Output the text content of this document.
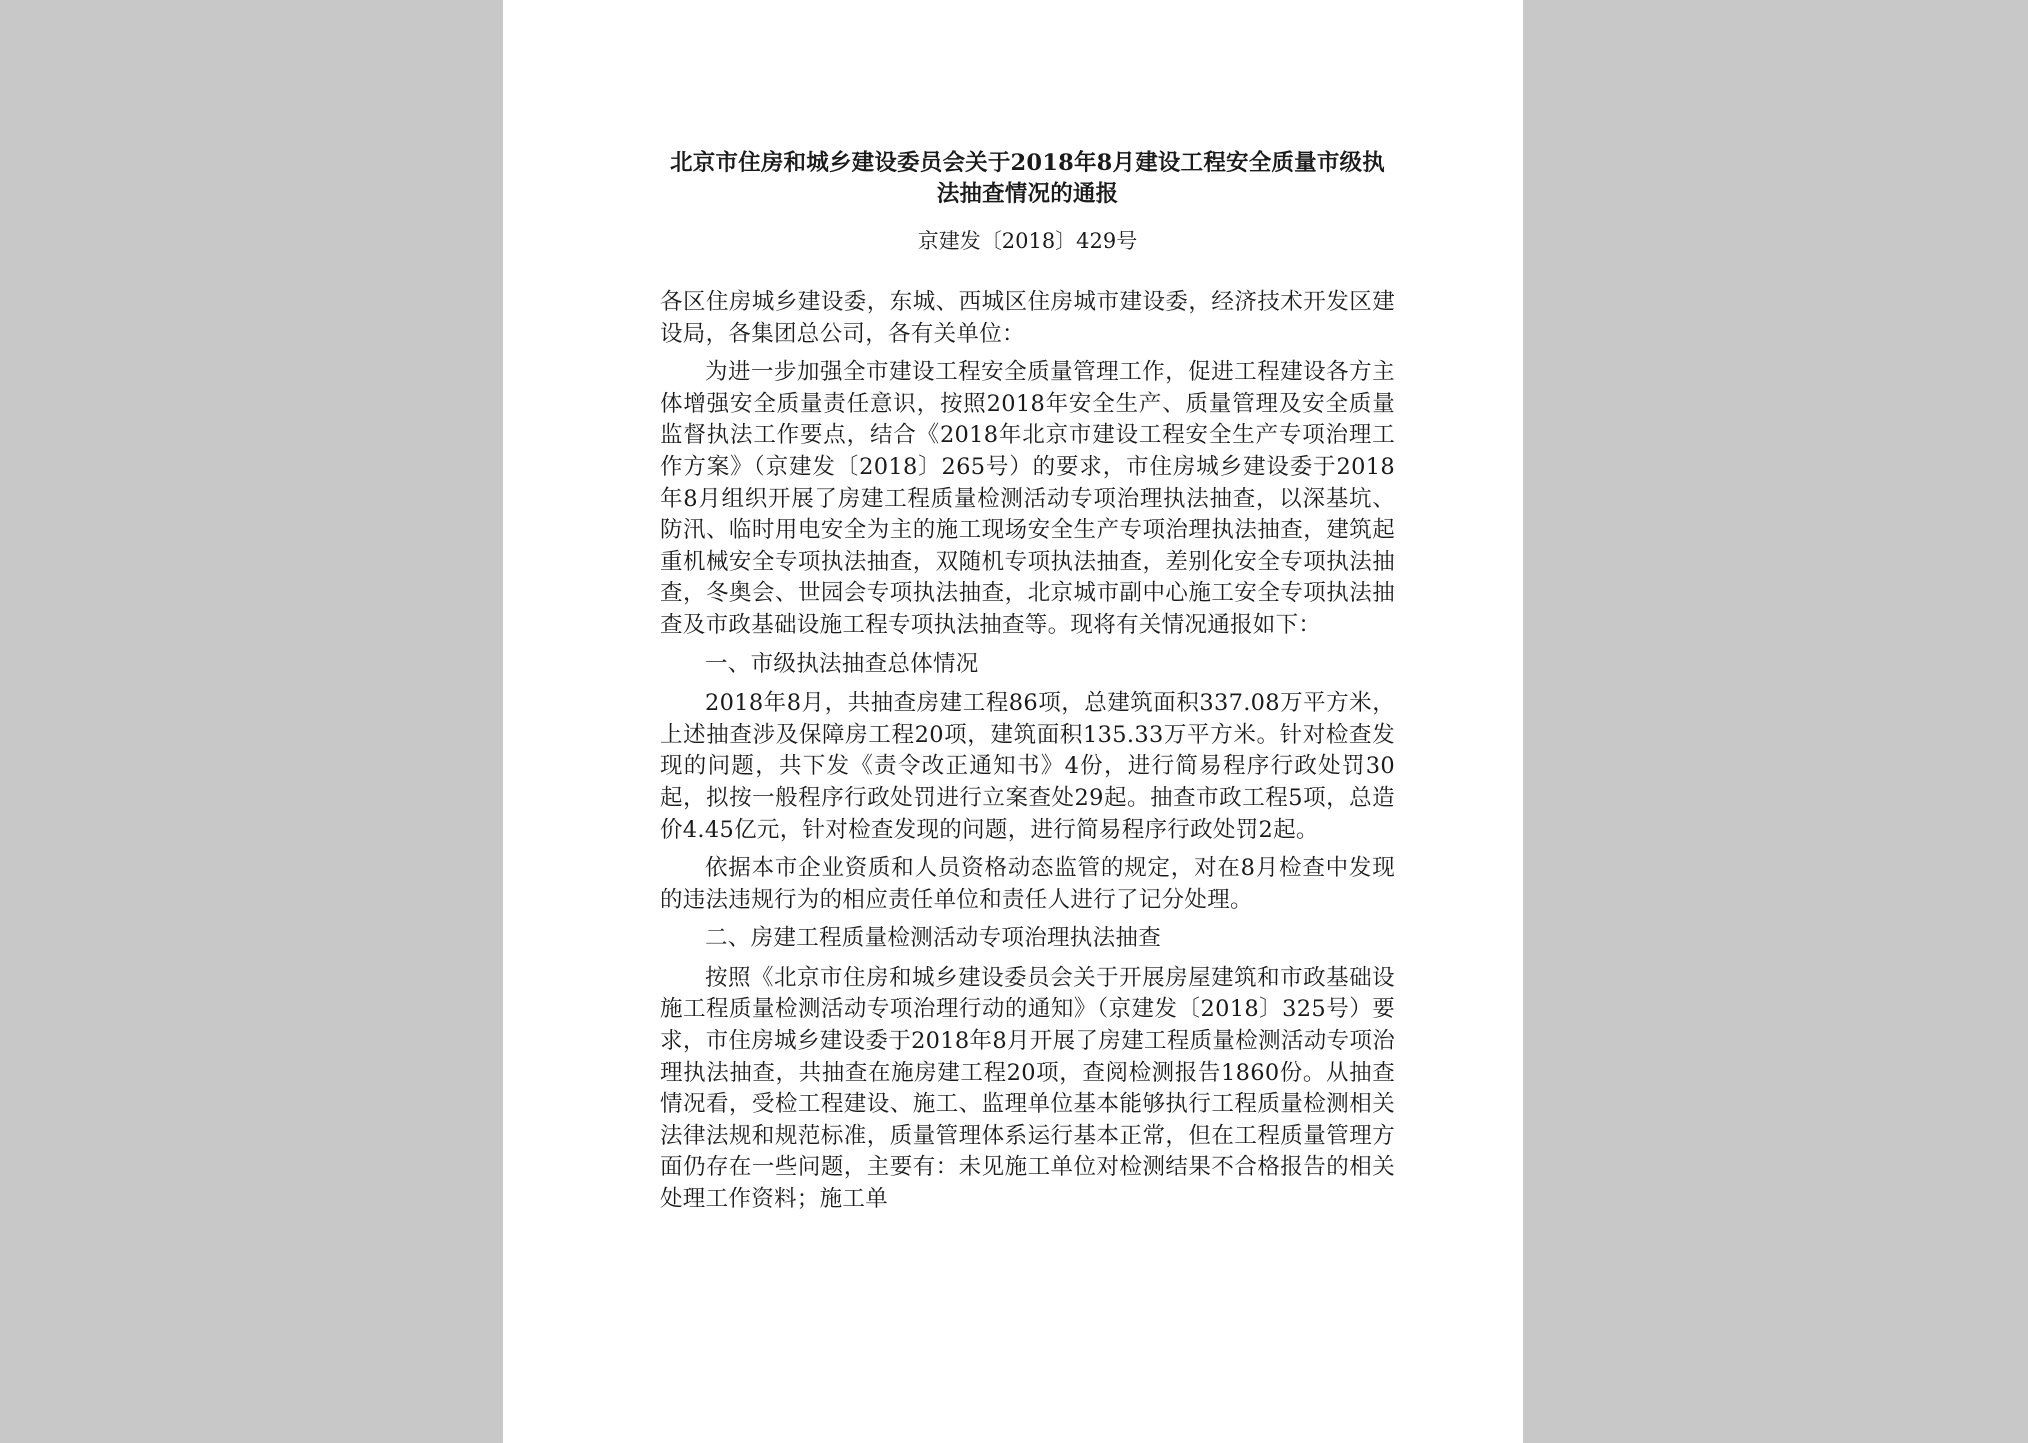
北京市住房和城乡建设委员会关于2018年8月建设工程安全质量市级执法抽查情况的通报
京建发〔2018〕429号

各区住房城乡建设委，东城、西城区住房城市建设委，经济技术开发区建设局，各集团总公司，各有关单位：

为进一步加强全市建设工程安全质量管理工作，促进工程建设各方主体增强安全质量责任意识，按照2018年安全生产、质量管理及安全质量监督执法工作要点，结合《2018年北京市建设工程安全生产专项治理工作方案》（京建发〔2018〕265号）的要求，市住房城乡建设委于2018年8月组织开展了房建工程质量检测活动专项治理执法抽查，以深基坑、防汛、临时用电安全为主的施工现场安全生产专项治理执法抽查，建筑起重机械安全专项执法抽查，双随机专项执法抽查，差别化安全专项执法抽查，冬奥会、世园会专项执法抽查，北京城市副中心施工安全专项执法抽查及市政基础设施工程专项执法抽查等。现将有关情况通报如下：

一、市级执法抽查总体情况

2018年8月，共抽查房建工程86项，总建筑面积337.08万平方米，上述抽查涉及保障房工程20项，建筑面积135.33万平方米。针对检查发现的问题，共下发《责令改正通知书》4份，进行简易程序行政处罚30起，拟按一般程序行政处罚进行立案查处29起。抽查市政工程5项，总造价4.45亿元，针对检查发现的问题，进行简易程序行政处罚2起。

依据本市企业资质和人员资格动态监管的规定，对在8月检查中发现的违法违规行为的相应责任单位和责任人进行了记分处理。

二、房建工程质量检测活动专项治理执法抽查

按照《北京市住房和城乡建设委员会关于开展房屋建筑和市政基础设施工程质量检测活动专项治理行动的通知》（京建发〔2018〕325号）要求，市住房城乡建设委于2018年8月开展了房建工程质量检测活动专项治理执法抽查，共抽查在施房建工程20项，查阅检测报告1860份。从抽查情况看，受检工程建设、施工、监理单位基本能够执行工程质量检测相关法律法规和规范标准，质量管理体系运行基本正常，但在工程质量管理方面仍存在一些问题，主要有：未见施工单位对检测结果不合格报告的相关处理工作资料；施工单
